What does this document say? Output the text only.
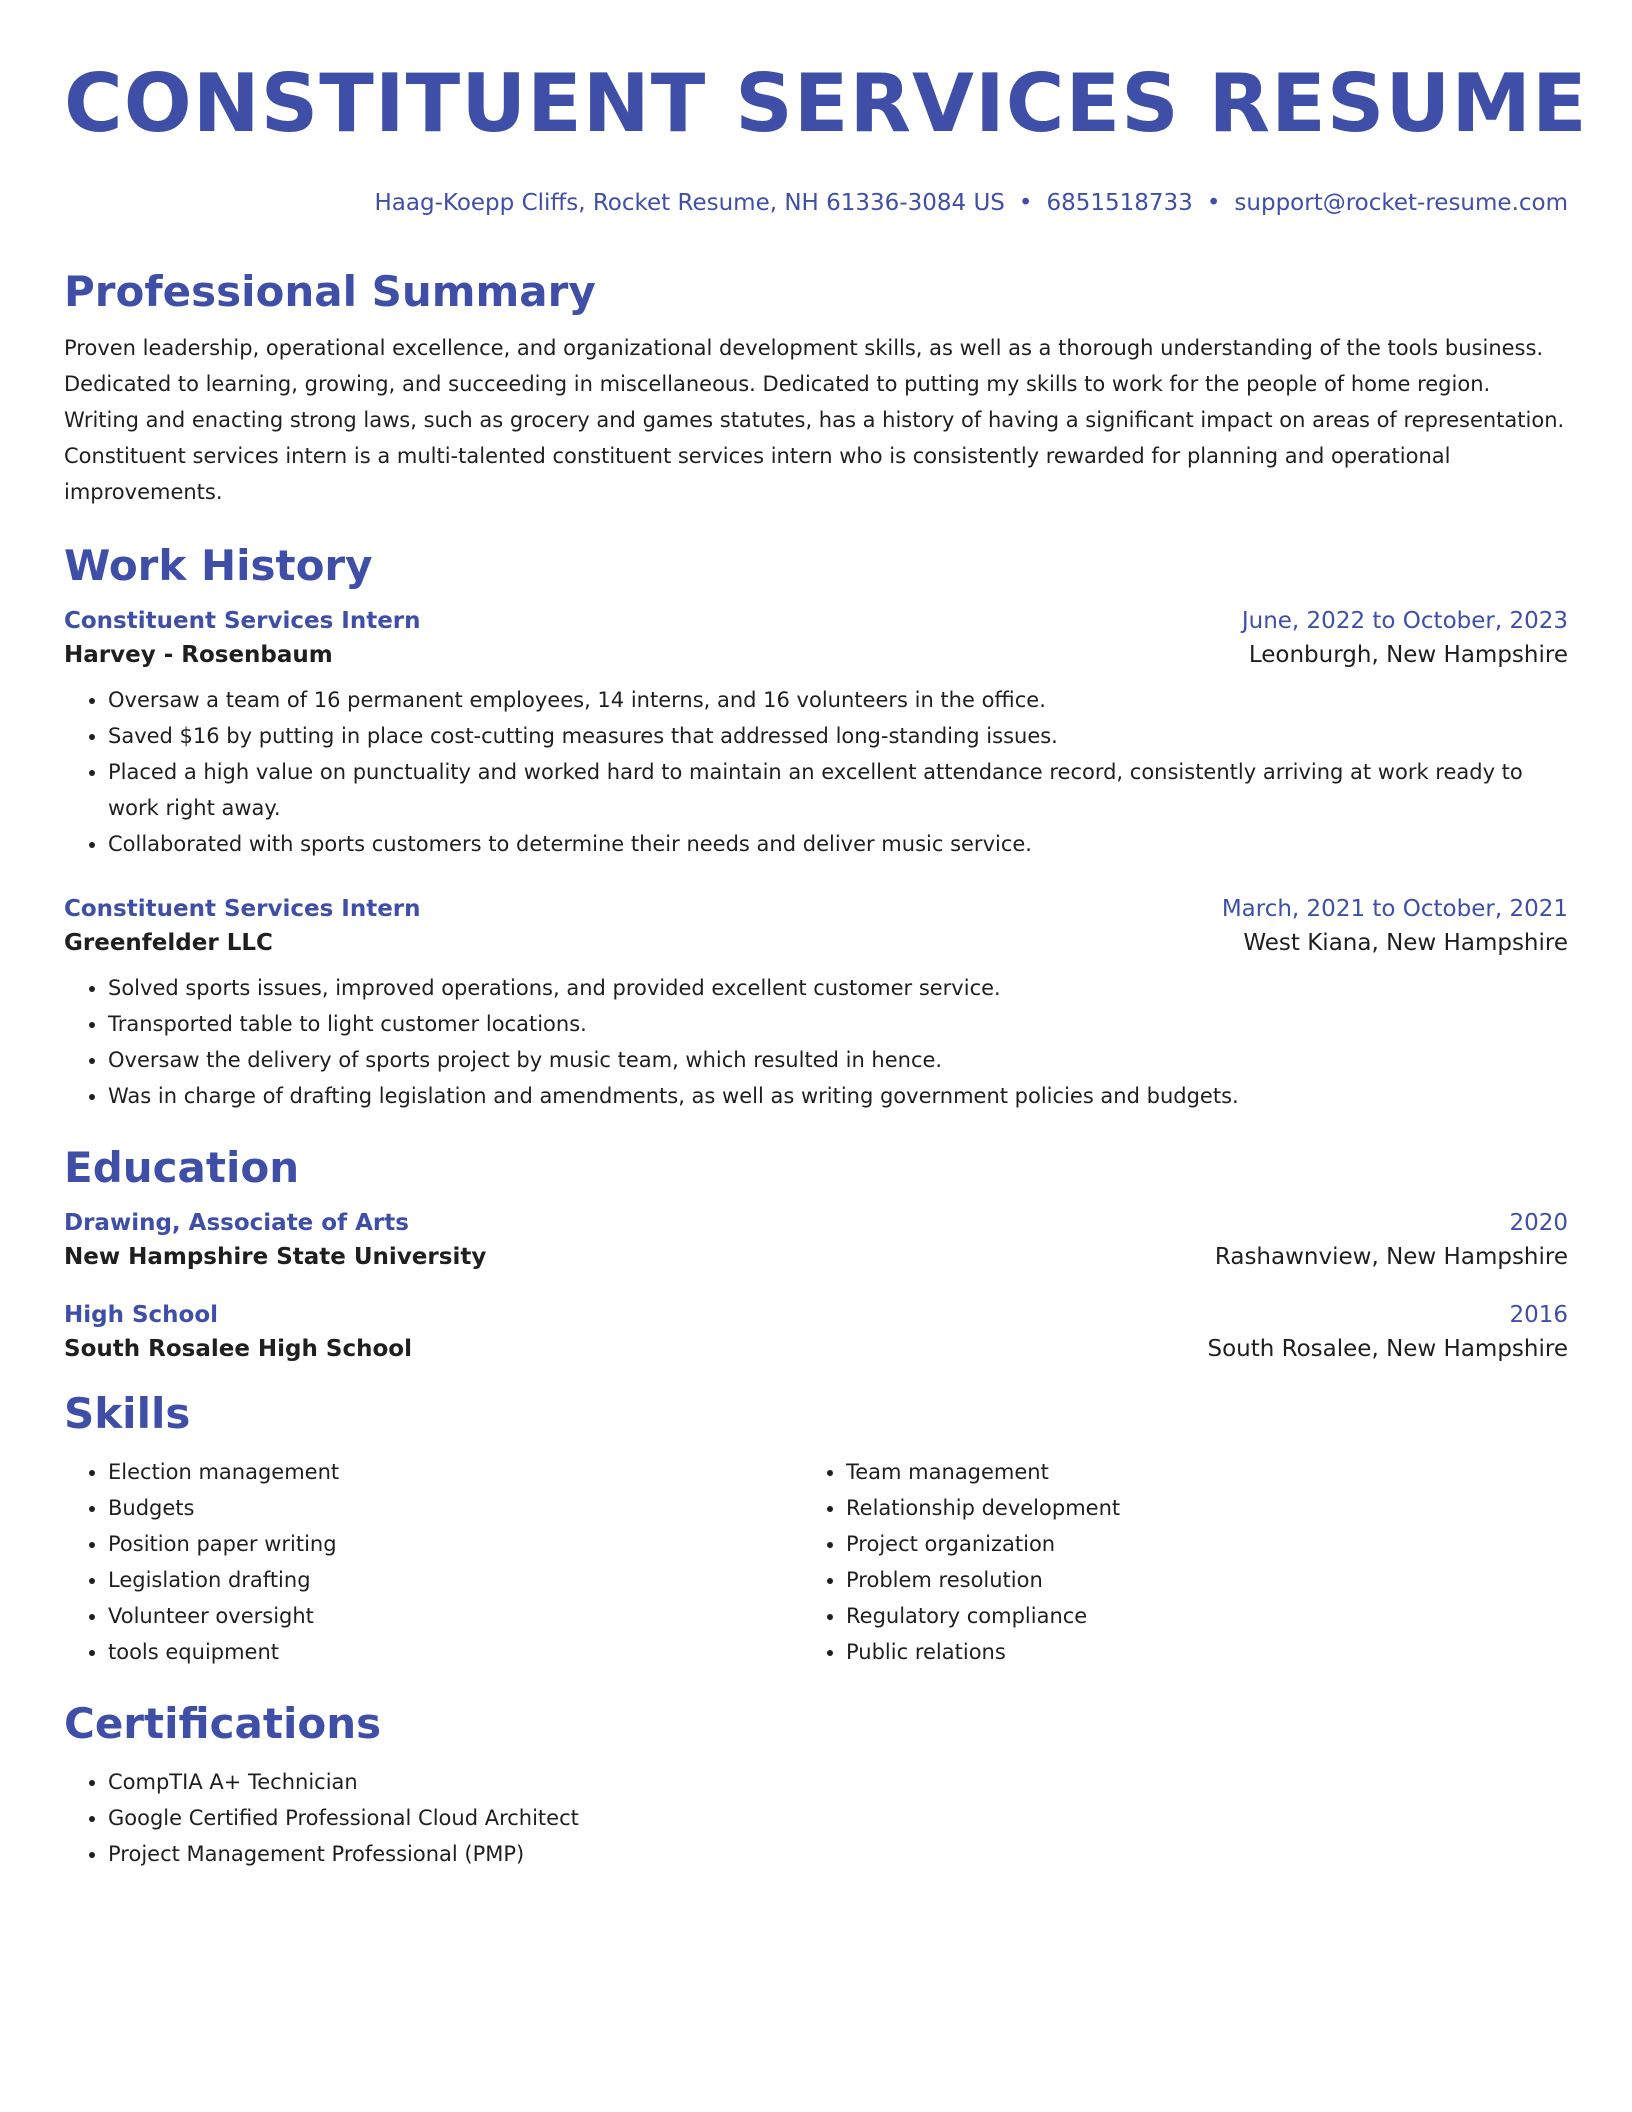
CONSTITUENT SERVICES RESUME
Haag-Koepp Cliffs, Rocket Resume, NH 61336-3084 US • 6851518733 • support@rocket-resume.com
Professional Summary
Proven leadership, operational excellence, and organizational development skills, as well as a thorough understanding of the tools business.
Dedicated to learning, growing, and succeeding in miscellaneous. Dedicated to putting my skills to work for the people of home region.
Writing and enacting strong laws, such as grocery and games statutes, has a history of having a significant impact on areas of representation.
Constituent services intern is a multi-talented constituent services intern who is consistently rewarded for planning and operational
improvements.
Work History
Constituent Services Intern	June, 2022 to October, 2023
Harvey - Rosenbaum	Leonburgh, New Hampshire
• Oversaw a team of 16 permanent employees, 14 interns, and 16 volunteers in the office.
• Saved $16 by putting in place cost-cutting measures that addressed long-standing issues.
• Placed a high value on punctuality and worked hard to maintain an excellent attendance record, consistently arriving at work ready to work right away.
• Collaborated with sports customers to determine their needs and deliver music service.
Constituent Services Intern	March, 2021 to October, 2021
Greenfelder LLC	West Kiana, New Hampshire
• Solved sports issues, improved operations, and provided excellent customer service.
• Transported table to light customer locations.
• Oversaw the delivery of sports project by music team, which resulted in hence.
• Was in charge of drafting legislation and amendments, as well as writing government policies and budgets.
Education
Drawing, Associate of Arts	2020
New Hampshire State University	Rashawnview, New Hampshire
High School	2016
South Rosalee High School	South Rosalee, New Hampshire
Skills
• Election management
• Budgets
• Position paper writing
• Legislation drafting
• Volunteer oversight
• tools equipment
• Team management
• Relationship development
• Project organization
• Problem resolution
• Regulatory compliance
• Public relations
Certifications
• CompTIA A+ Technician
• Google Certified Professional Cloud Architect
• Project Management Professional (PMP)
